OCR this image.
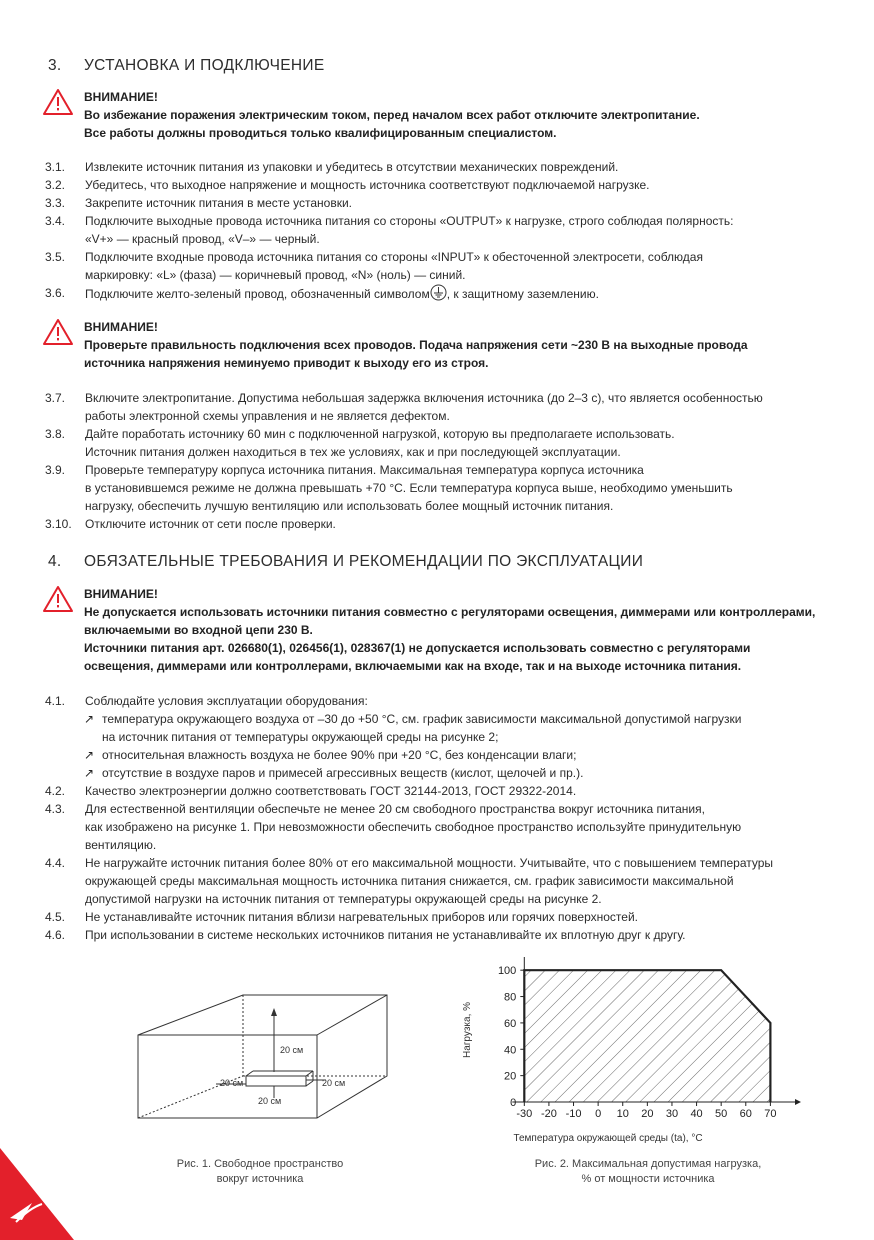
3. УСТАНОВКА И ПОДКЛЮЧЕНИЕ
ВНИМАНИЕ!
Во избежание поражения электрическим током, перед началом всех работ отключите электропитание.
Все работы должны проводиться только квалифицированным специалистом.
3.1. Извлеките источник питания из упаковки и убедитесь в отсутствии механических повреждений.
3.2. Убедитесь, что выходное напряжение и мощность источника соответствуют подключаемой нагрузке.
3.3. Закрепите источник питания в месте установки.
3.4. Подключите выходные провода источника питания со стороны «OUTPUT» к нагрузке, строго соблюдая полярность:
«V+» — красный провод, «V–» — черный.
3.5. Подключите входные провода источника питания со стороны «INPUT» к обесточенной электросети, соблюдая
маркировку: «L» (фаза) — коричневый провод, «N» (ноль) — синий.
3.6. Подключите желто-зеленый провод, обозначенный символом , к защитному заземлению.
ВНИМАНИЕ!
Проверьте правильность подключения всех проводов. Подача напряжения сети ~230 В на выходные провода
источника напряжения неминуемо приводит к выходу его из строя.
3.7. Включите электропитание. Допустима небольшая задержка включения источника (до 2–3 с), что является особенностью
работы электронной схемы управления и не является дефектом.
3.8. Дайте поработать источнику 60 мин с подключенной нагрузкой, которую вы предполагаете использовать.
Источник питания должен находиться в тех же условиях, как и при последующей эксплуатации.
3.9. Проверьте температуру корпуса источника питания. Максимальная температура корпуса источника
в установившемся режиме не должна превышать +70 °C. Если температура корпуса выше, необходимо уменьшить
нагрузку, обеспечить лучшую вентиляцию или использовать более мощный источник питания.
3.10. Отключите источник от сети после проверки.
4. ОБЯЗАТЕЛЬНЫЕ ТРЕБОВАНИЯ И РЕКОМЕНДАЦИИ ПО ЭКСПЛУАТАЦИИ
ВНИМАНИЕ!
Не допускается использовать источники питания совместно с регуляторами освещения, диммерами или контроллерами,
включаемыми во входной цепи 230 В.
Источники питания арт. 026680(1), 026456(1), 028367(1) не допускается использовать совместно с регуляторами
освещения, диммерами или контроллерами, включаемыми как на входе, так и на выходе источника питания.
4.1. Соблюдайте условия эксплуатации оборудования:
↗ температура окружающего воздуха от –30 до +50 °C, см. график зависимости максимальной допустимой нагрузки
на источник питания от температуры окружающей среды на рисунке 2;
↗ относительная влажность воздуха не более 90% при +20 °C, без конденсации влаги;
↗ отсутствие в воздухе паров и примесей агрессивных веществ (кислот, щелочей и пр.).
4.2. Качество электроэнергии должно соответствовать ГОСТ 32144-2013, ГОСТ 29322-2014.
4.3. Для естественной вентиляции обеспечьте не менее 20 см свободного пространства вокруг источника питания,
как изображено на рисунке 1. При невозможности обеспечить свободное пространство используйте принудительную
вентиляцию.
4.4. Не нагружайте источник питания более 80% от его максимальной мощности. Учитывайте, что с повышением температуры
окружающей среды максимальная мощность источника питания снижается, см. график зависимости максимальной
допустимой нагрузки на источник питания от температуры окружающей среды на рисунке 2.
4.5. Не устанавливайте источник питания вблизи нагревательных приборов или горячих поверхностей.
4.6. При использовании в системе нескольких источников питания не устанавливайте их вплотную друг к другу.
20 см
20 см	20 см
20 см
Рис. 1. Свободное пространство
вокруг источника
-30 -20 -10 0 10 20 30 40 50 60 70
0
20
40
60
80
100
Нагрузка, %
Температура окружающей среды (ta), °C
Рис. 2. Максимальная допустимая нагрузка,
% от мощности источника
